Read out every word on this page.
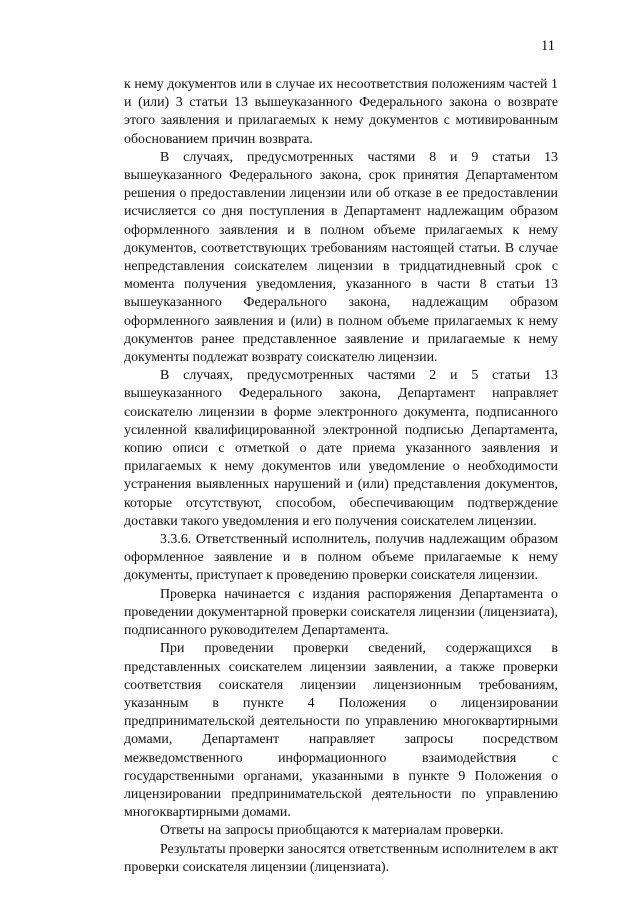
11

к нему документов или в случае их несоответствия положениям частей 1 и (или) 3 статьи 13 вышеуказанного Федерального закона о возврате этого заявления и прилагаемых к нему документов с мотивированным обоснованием причин возврата.

В случаях, предусмотренных частями 8 и 9 статьи 13 вышеуказанного Федерального закона, срок принятия Департаментом решения о предоставлении лицензии или об отказе в ее предоставлении исчисляется со дня поступления в Департамент надлежащим образом оформленного заявления и в полном объеме прилагаемых к нему документов, соответствующих требованиям настоящей статьи. В случае непредставления соискателем лицензии в тридцатидневный срок с момента получения уведомления, указанного в части 8 статьи 13 вышеуказанного Федерального закона, надлежащим образом оформленного заявления и (или) в полном объеме прилагаемых к нему документов ранее представленное заявление и прилагаемые к нему документы подлежат возврату соискателю лицензии.

В случаях, предусмотренных частями 2 и 5 статьи 13 вышеуказанного Федерального закона, Департамент направляет соискателю лицензии в форме электронного документа, подписанного усиленной квалифицированной электронной подписью Департамента, копию описи с отметкой о дате приема указанного заявления и прилагаемых к нему документов или уведомление о необходимости устранения выявленных нарушений и (или) представления документов, которые отсутствуют, способом, обеспечивающим подтверждение доставки такого уведомления и его получения соискателем лицензии.

3.3.6. Ответственный исполнитель, получив надлежащим образом оформленное заявление и в полном объеме прилагаемые к нему документы, приступает к проведению проверки соискателя лицензии.

Проверка начинается с издания распоряжения Департамента о проведении документарной проверки соискателя лицензии (лицензиата), подписанного руководителем Департамента.

При проведении проверки сведений, содержащихся в представленных соискателем лицензии заявлении, а также проверки соответствия соискателя лицензии лицензионным требованиям, указанным в пункте 4 Положения о лицензировании предпринимательской деятельности по управлению многоквартирными домами, Департамент направляет запросы посредством межведомственного информационного взаимодействия с государственными органами, указанными в пункте 9 Положения о лицензировании предпринимательской деятельности по управлению многоквартирными домами.

Ответы на запросы приобщаются к материалам проверки.

Результаты проверки заносятся ответственным исполнителем в акт проверки соискателя лицензии (лицензиата).
